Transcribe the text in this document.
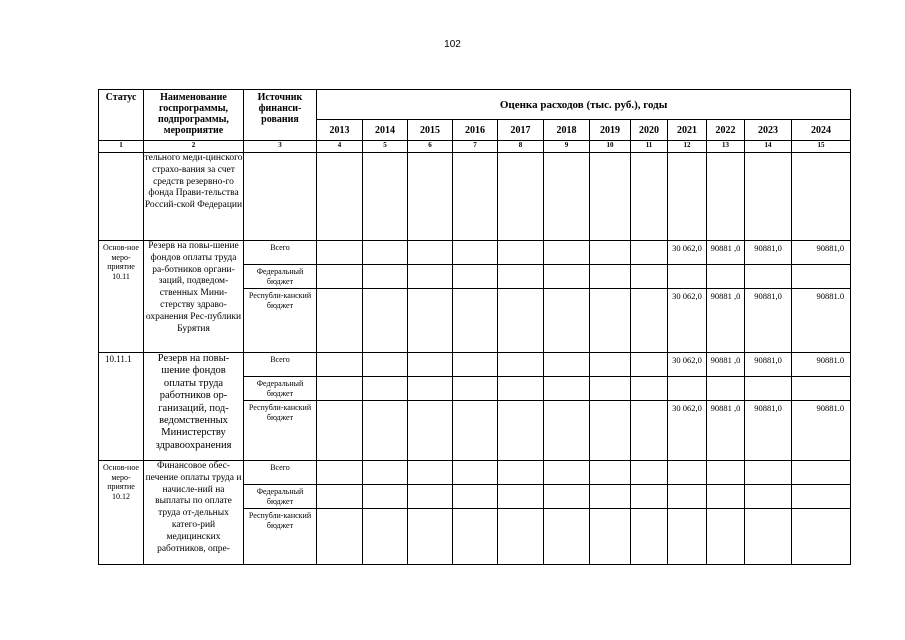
102
Статус	Наименование госпрограммы, подпрограммы, мероприятие	Источник финанси-рования	Оценка расходов (тыс. руб.), годы											
			2013	2014	2015	2016	2017	2018	2019	2020	2021	2022	2023	2024
1	2	3	4	5	6	7	8	9	10	11	12	13	14	15
	тельного меди-цинского страхо-вания за счет средств резервно-го фонда Прави-тельства Россий-ской Федерации													
Основ-ное меро-приятие 10.11	Резерв на повы-шение фондов оплаты труда ра-ботников органи-заций, подведом-ственных Мини-стерству здраво-охранения Рес-публики Бурятия	Всего									30 062,0	90881 ,0	90881,0	90881,0
		Федеральный бюджет												
		Республи-канский бюджет									30 062,0	90881 ,0	90881,0	90881.0
10.11.1	Резерв на повы-шение фондов оплаты труда работников ор-ганизаций, под-ведомственных Министерству здравоохранения	Всего									30 062,0	90881 ,0	90881,0	90881.0
		Федеральный бюджет												
		Республи-канский бюджет									30 062,0	90881 ,0	90881,0	90881.0
Основ-ное меро-приятие 10.12	Финансовое обес-печение оплаты труда и начисле-ний на выплаты по оплате труда от-дельных катего-рий медицинских работников, опре-	Всего												
		Федеральный бюджет												
		Республи-канский бюджет												
